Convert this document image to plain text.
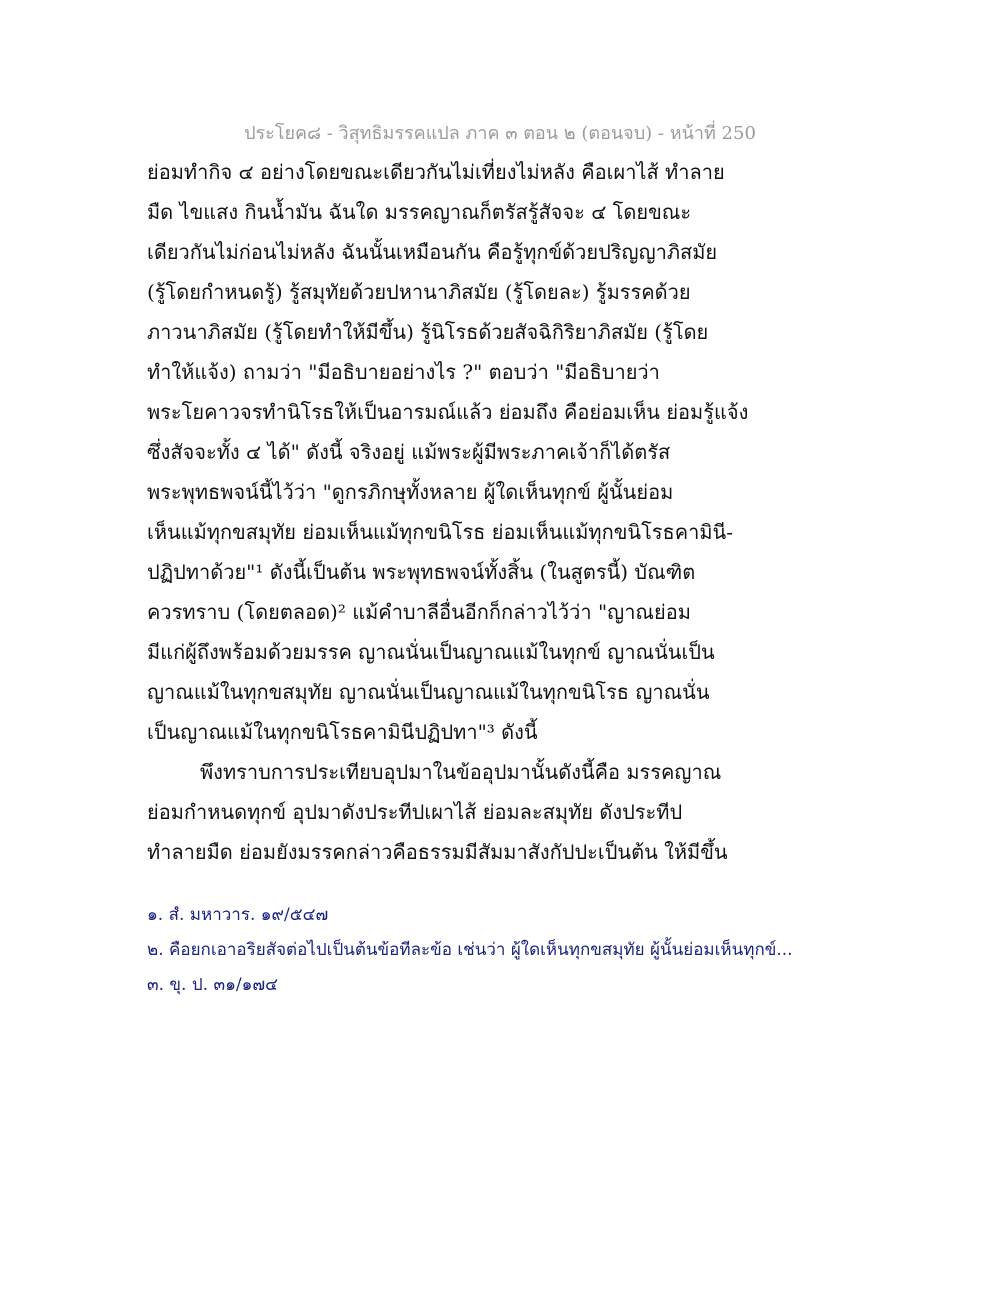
ประโยค๘ - วิสุทธิมรรคแปล ภาค ๓ ตอน ๒ (ตอนจบ) - หน้าที่ 250
ย่อมทำกิจ ๔ อย่างโดยขณะเดียวกันไม่เที่ยงไม่หลัง คือเผาไส้ ทำลาย
มืด ไขแสง กินน้ำมัน ฉันใด มรรคญาณก็ตรัสรู้สัจจะ ๔ โดยขณะ
เดียวกันไม่ก่อนไม่หลัง ฉันนั้นเหมือนกัน คือรู้ทุกข์ด้วยปริญญาภิสมัย
(รู้โดยกำหนดรู้) รู้สมุทัยด้วยปหานาภิสมัย (รู้โดยละ) รู้มรรคด้วย
ภาวนาภิสมัย (รู้โดยทำให้มีขึ้น) รู้นิโรธด้วยสัจฉิกิริยาภิสมัย (รู้โดย
ทำให้แจ้ง) ถามว่า "มีอธิบายอย่างไร ?" ตอบว่า "มีอธิบายว่า
พระโยคาวจรทำนิโรธให้เป็นอารมณ์แล้ว ย่อมถึง คือย่อมเห็น ย่อมรู้แจ้ง
ซึ่งสัจจะทั้ง ๔ ได้" ดังนี้ จริงอยู่ แม้พระผู้มีพระภาคเจ้าก็ได้ตรัส
พระพุทธพจน์นี้ไว้ว่า "ดูกรภิกษุทั้งหลาย ผู้ใดเห็นทุกข์ ผู้นั้นย่อม
เห็นแม้ทุกขสมุทัย ย่อมเห็นแม้ทุกขนิโรธ ย่อมเห็นแม้ทุกขนิโรธคามินี-
ปฏิปทาด้วย"¹ ดังนี้เป็นต้น พระพุทธพจน์ทั้งสิ้น (ในสูตรนี้) บัณฑิต
ควรทราบ (โดยตลอด)² แม้คำบาลีอื่นอีกก็กล่าวไว้ว่า "ญาณย่อม
มีแก่ผู้ถึงพร้อมด้วยมรรค ญาณนั่นเป็นญาณแม้ในทุกข์ ญาณนั่นเป็น
ญาณแม้ในทุกขสมุทัย ญาณนั่นเป็นญาณแม้ในทุกขนิโรธ ญาณนั่น
เป็นญาณแม้ในทุกขนิโรธคามินีปฏิปทา"³ ดังนี้
พึงทราบการประเทียบอุปมาในข้ออุปมานั้นดังนี้คือ มรรคญาณ
ย่อมกำหนดทุกข์ อุปมาดังประทีปเผาไส้ ย่อมละสมุทัย ดังประทีป
ทำลายมืด ย่อมยังมรรคกล่าวคือธรรมมีสัมมาสังกัปปะเป็นต้น ให้มีขึ้น
๑. สํ. มหาวาร. ๑๙/๕๔๗
๒. คือยกเอาอริยสัจต่อไปเป็นต้นข้อทีละข้อ เช่นว่า ผู้ใดเห็นทุกขสมุทัย ผู้นั้นย่อมเห็นทุกข์...
๓. ขุ. ป. ๓๑/๑๗๔
